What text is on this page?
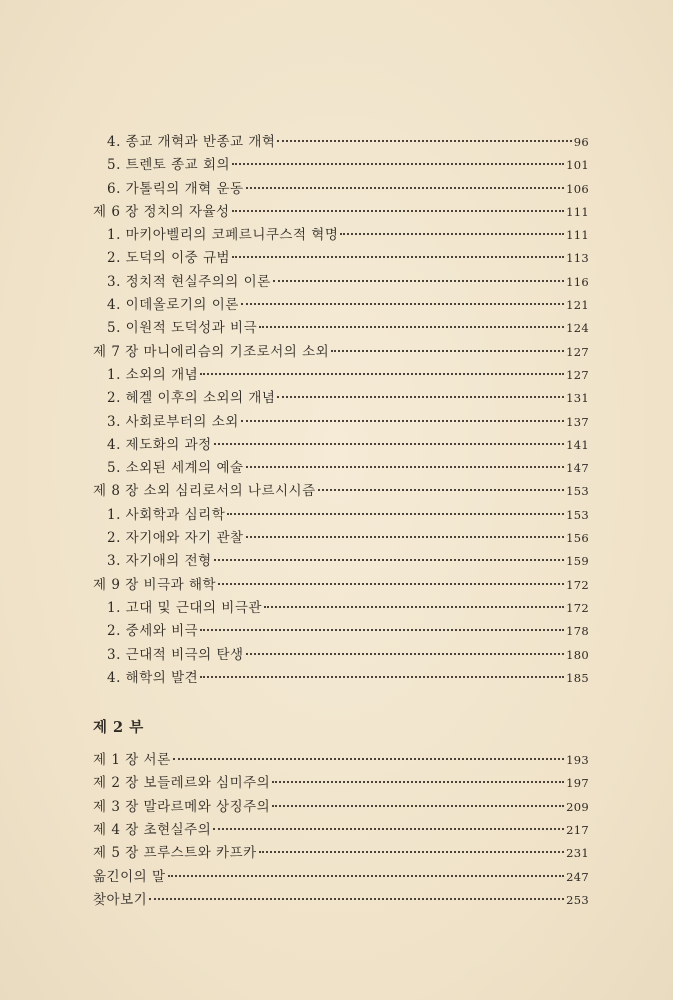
4. 종교 개혁과 반종교 개혁	96
5. 트렌토 종교 회의	101
6. 가톨릭의 개혁 운동	106
제 6 장 정치의 자율성	111
1. 마키아벨리의 코페르니쿠스적 혁명	111
2. 도덕의 이중 규범	113
3. 정치적 현실주의의 이론	116
4. 이데올로기의 이론	121
5. 이원적 도덕성과 비극	124
제 7 장 마니에리슴의 기조로서의 소외	127
1. 소외의 개념	127
2. 헤겔 이후의 소외의 개념	131
3. 사회로부터의 소외	137
4. 제도화의 과정	141
5. 소외된 세계의 예술	147
제 8 장 소외 심리로서의 나르시시즘	153
1. 사회학과 심리학	153
2. 자기애와 자기 관찰	156
3. 자기애의 전형	159
제 9 장 비극과 해학	172
1. 고대 및 근대의 비극관	172
2. 중세와 비극	178
3. 근대적 비극의 탄생	180
4. 해학의 발견	185
제 2 부
제 1 장 서론	193
제 2 장 보들레르와 심미주의	197
제 3 장 말라르메와 상징주의	209
제 4 장 초현실주의	217
제 5 장 프루스트와 카프카	231
옮긴이의 말	247
찾아보기	253
